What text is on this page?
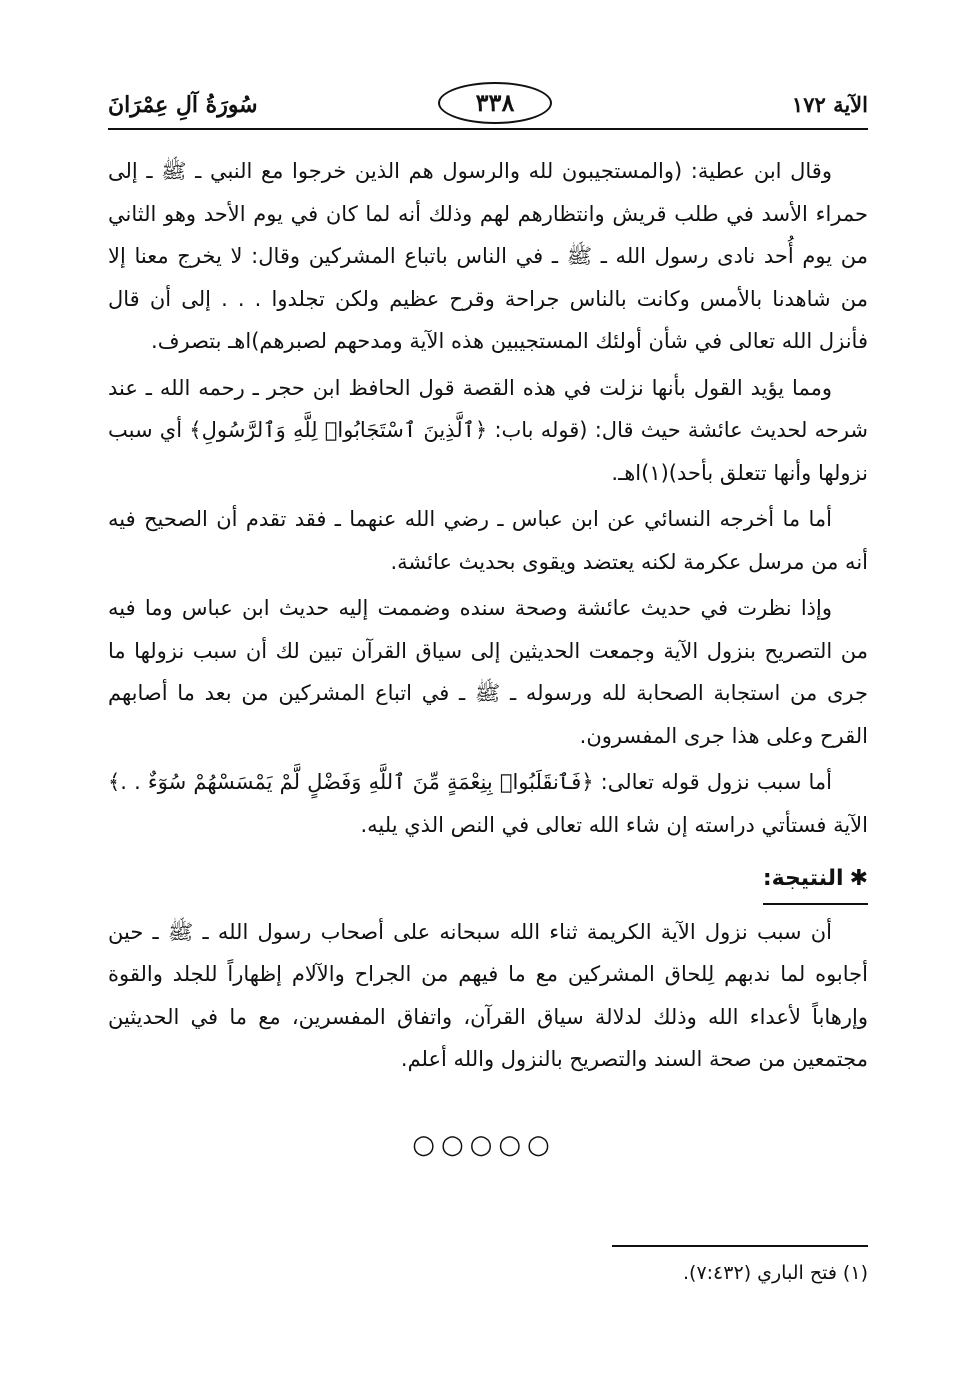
الآية ١٧٢
٣٣٨
سُورَةُ آلِ عِمْرَانَ

وقال ابن عطية: (والمستجيبون لله والرسول هم الذين خرجوا مع النبي ـ ﷺ ـ إلى حمراء الأسد في طلب قريش وانتظارهم لهم وذلك أنه لما كان في يوم الأحد وهو الثاني من يوم أُحد نادى رسول الله ـ ﷺ ـ في الناس باتباع المشركين وقال: لا يخرج معنا إلا من شاهدنا بالأمس وكانت بالناس جراحة وقرح عظيم ولكن تجلدوا . . . إلى أن قال فأنزل الله تعالى في شأن أولئك المستجيبين هذه الآية ومدحهم لصبرهم)اهـ بتصرف.

ومما يؤيد القول بأنها نزلت في هذه القصة قول الحافظ ابن حجر ـ رحمه الله ـ عند شرحه لحديث عائشة حيث قال: (قوله باب: ﴿ٱلَّذِينَ ٱسْتَجَابُوا۟ لِلَّهِ وَٱلرَّسُولِ﴾ أي سبب نزولها وأنها تتعلق بأحد)(١)اهـ.

أما ما أخرجه النسائي عن ابن عباس ـ رضي الله عنهما ـ فقد تقدم أن الصحيح فيه أنه من مرسل عكرمة لكنه يعتضد ويقوى بحديث عائشة.

وإذا نظرت في حديث عائشة وصحة سنده وضممت إليه حديث ابن عباس وما فيه من التصريح بنزول الآية وجمعت الحديثين إلى سياق القرآن تبين لك أن سبب نزولها ما جرى من استجابة الصحابة لله ورسوله ـ ﷺ ـ في اتباع المشركين من بعد ما أصابهم القرح وعلى هذا جرى المفسرون.

أما سبب نزول قوله تعالى: ﴿فَٱنقَلَبُوا۟ بِنِعْمَةٍ مِّنَ ٱللَّهِ وَفَضْلٍ لَّمْ يَمْسَسْهُمْ سُوٓءٌ . .﴾ الآية فستأتي دراسته إن شاء الله تعالى في النص الذي يليه.

✱النتيجة:

أن سبب نزول الآية الكريمة ثناء الله سبحانه على أصحاب رسول الله ـ ﷺ ـ حين أجابوه لما ندبهم لِلحاق المشركين مع ما فيهم من الجراح والآلام إظهاراً للجلد والقوة وإرهاباً لأعداء الله وذلك لدلالة سياق القرآن، واتفاق المفسرين، مع ما في الحديثين مجتمعين من صحة السند والتصريح بالنزول والله أعلم.

○○○○○
(١) فتح الباري (٧:٤٣٢).
